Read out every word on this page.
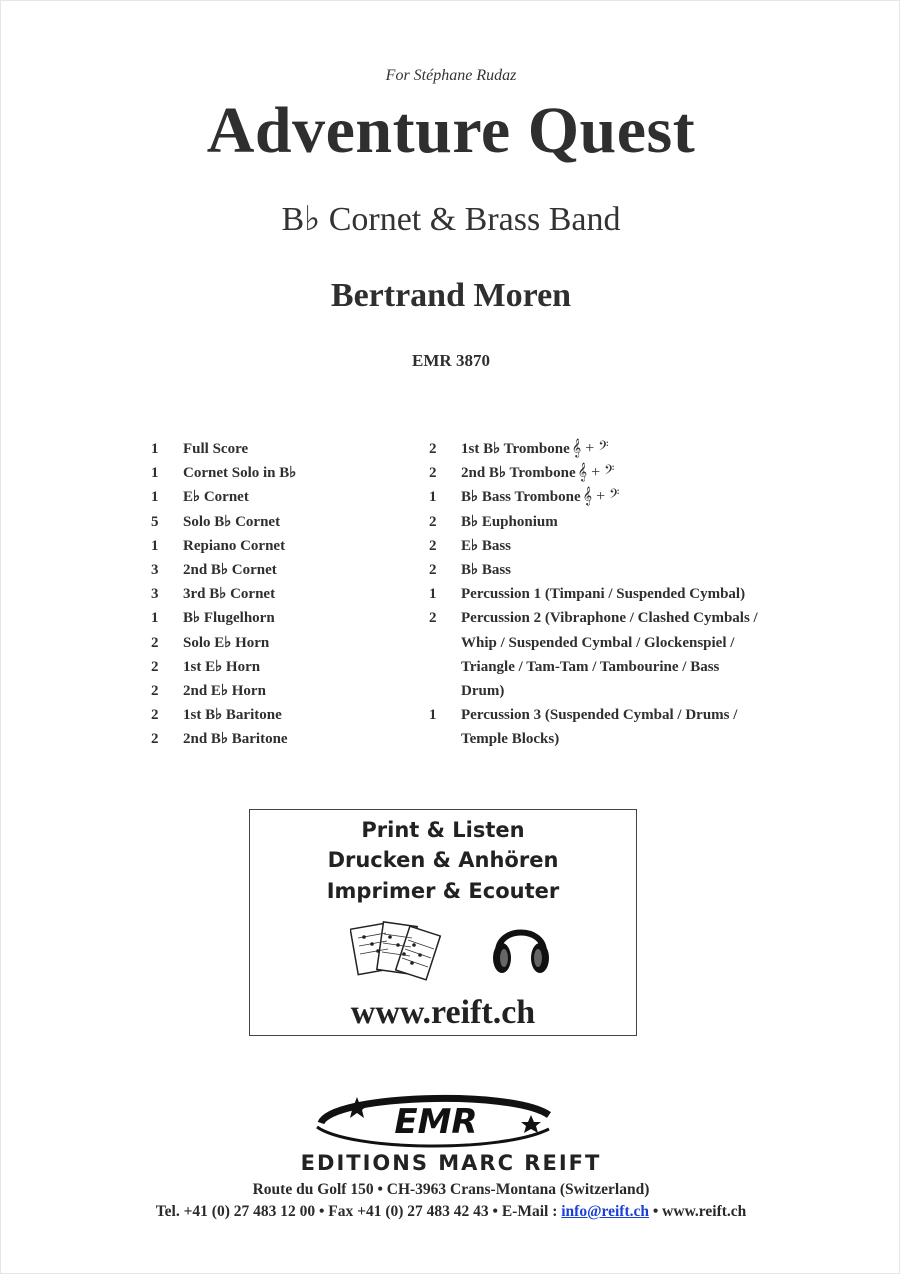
For Stéphane Rudaz
Adventure Quest
B♭ Cornet & Brass Band
Bertrand Moren
EMR 3870
1	Full Score
1	Cornet Solo in B♭
1	E♭ Cornet
5	Solo B♭ Cornet
1	Repiano Cornet
3	2nd B♭ Cornet
3	3rd B♭ Cornet
1	B♭ Flugelhorn
2	Solo E♭ Horn
2	1st E♭ Horn
2	2nd E♭ Horn
2	1st B♭ Baritone
2	2nd B♭ Baritone
2	1st B♭ Trombone 𝄞 + 𝄢
2	2nd B♭ Trombone 𝄞 + 𝄢
1	B♭ Bass Trombone 𝄞 + 𝄢
2	B♭ Euphonium
2	E♭ Bass
2	B♭ Bass
1	Percussion 1 (Timpani / Suspended Cymbal)
2	Percussion 2 (Vibraphone / Clashed Cymbals /
Whip / Suspended Cymbal / Glockenspiel /
Triangle / Tam-Tam / Tambourine / Bass
Drum)
1	Percussion 3 (Suspended Cymbal / Drums /
Temple Blocks)
Print & Listen
Drucken & Anhören
Imprimer & Ecouter
www.reift.ch
EMR
EDITIONS MARC REIFT
Route du Golf 150 • CH-3963 Crans-Montana (Switzerland)
Tel. +41 (0) 27 483 12 00 • Fax +41 (0) 27 483 42 43 • E-Mail : info@reift.ch • www.reift.ch
